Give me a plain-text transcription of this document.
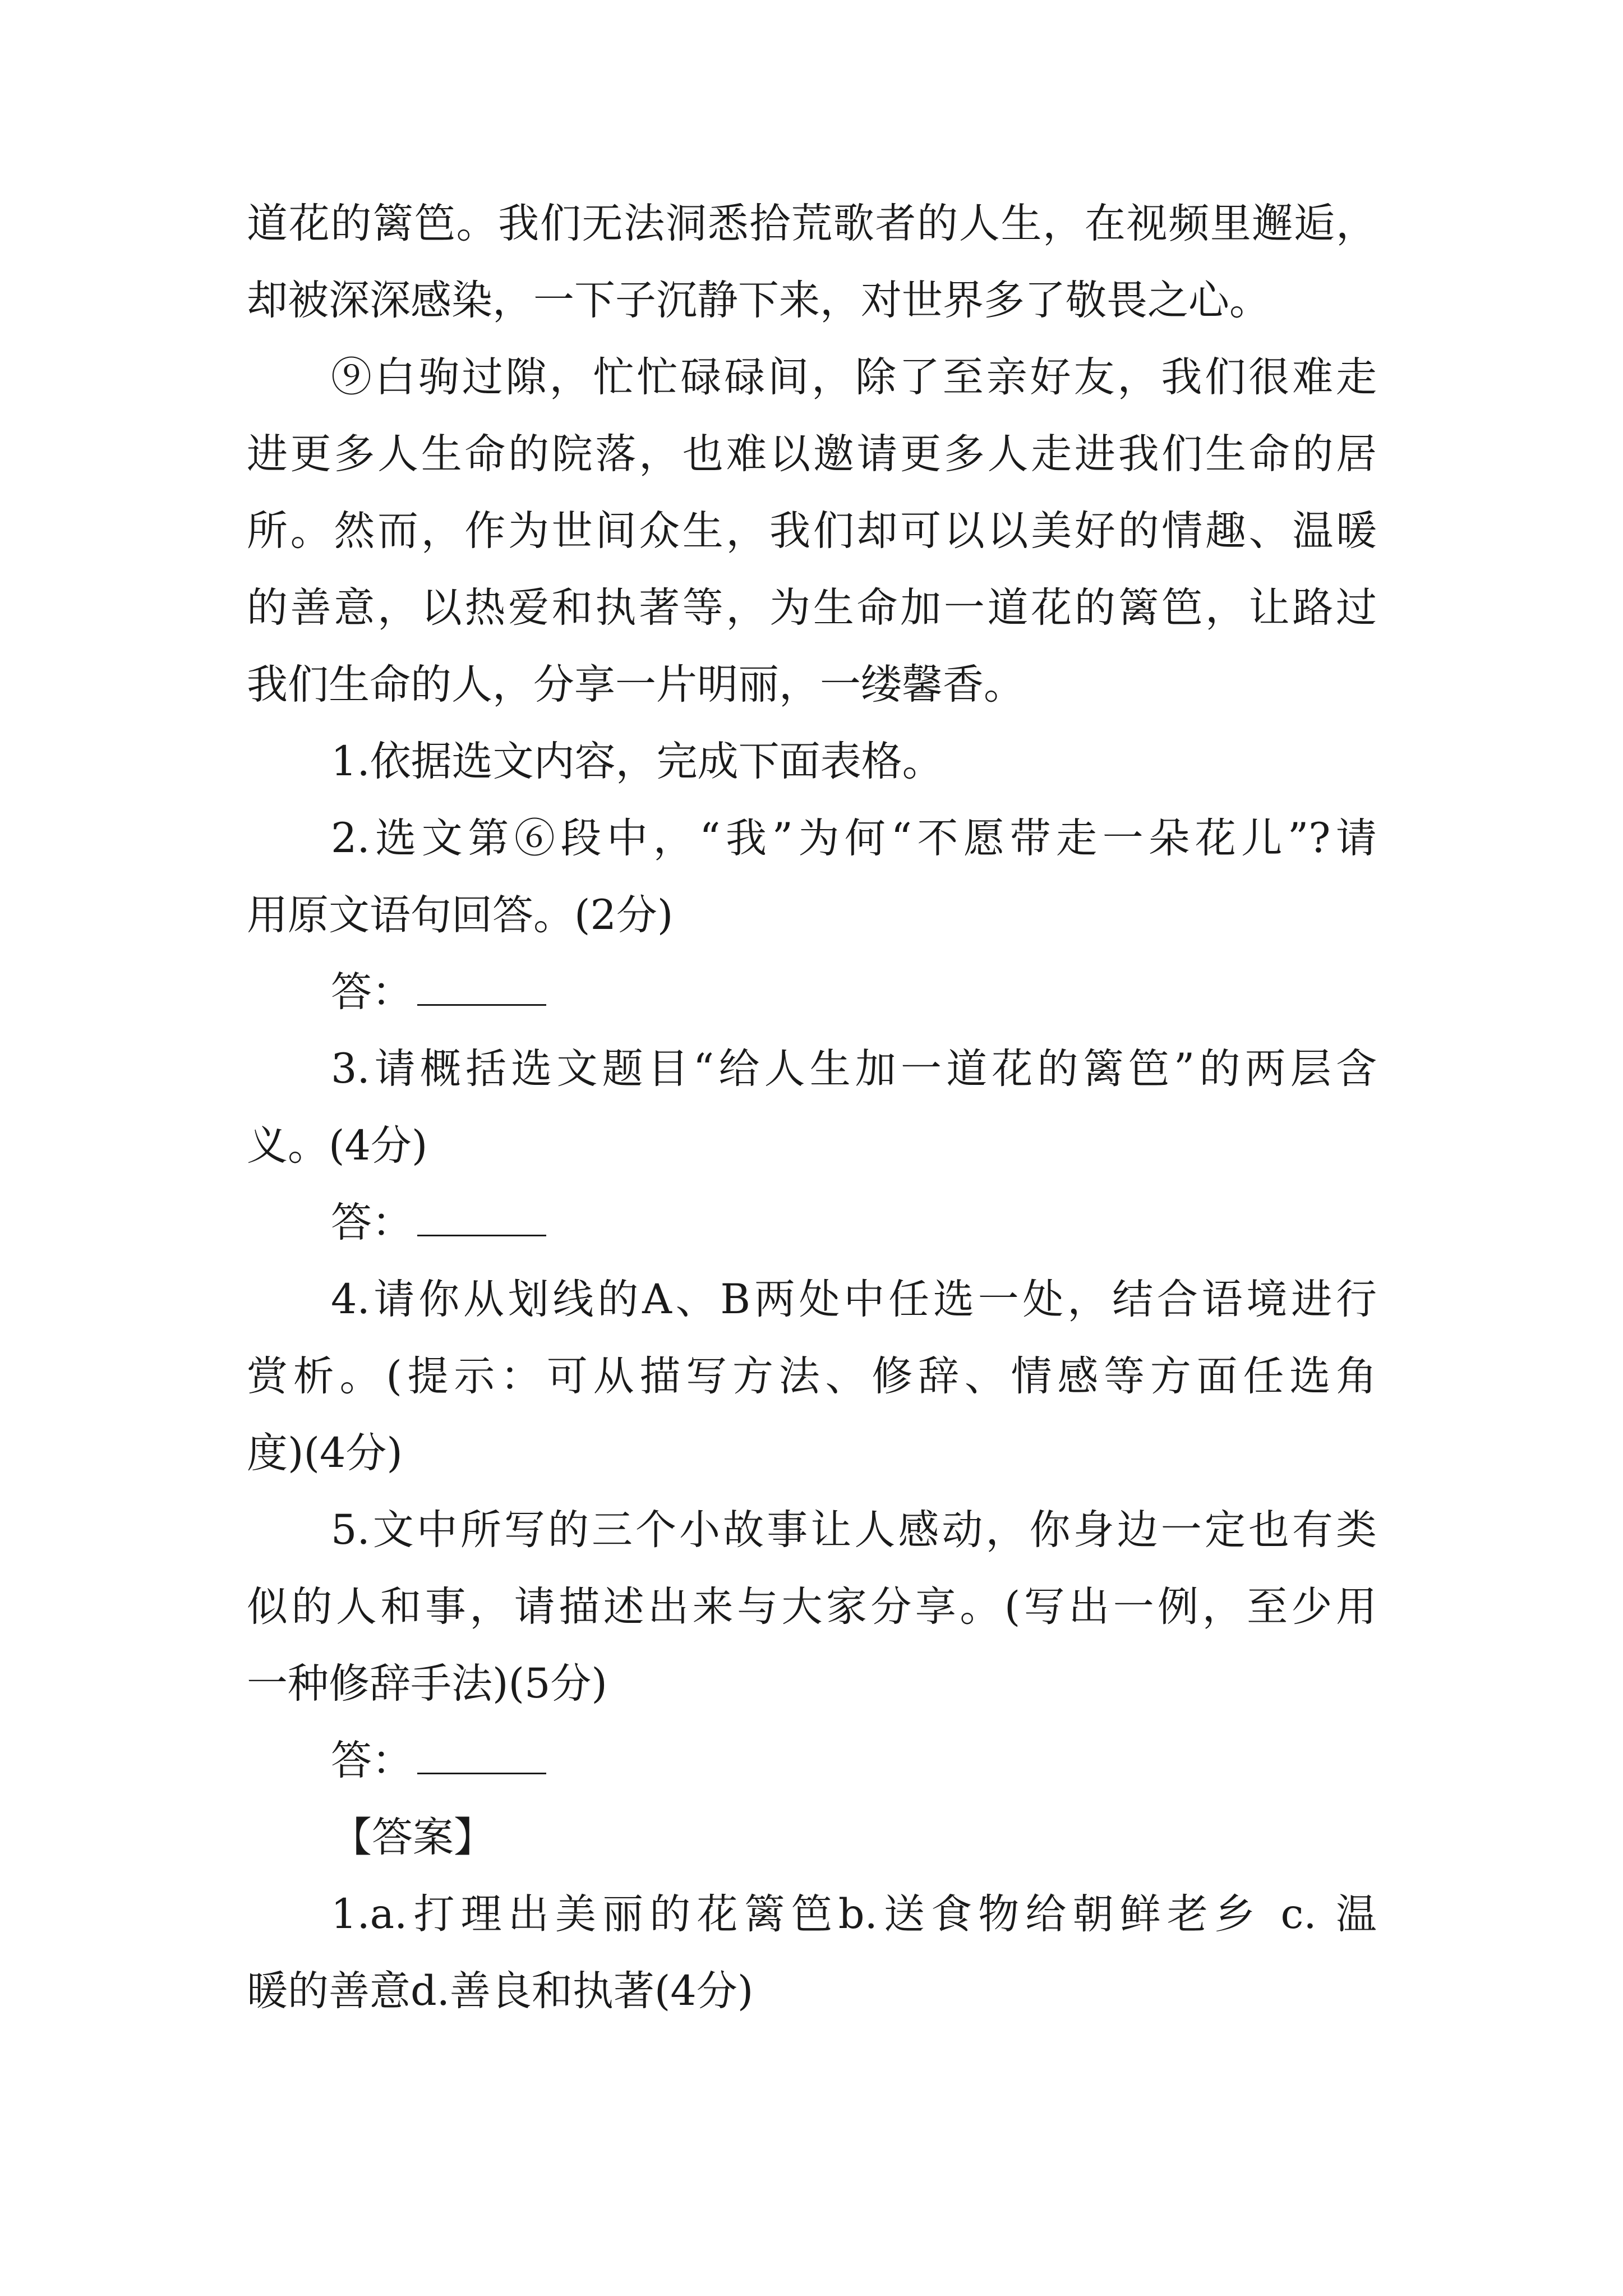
道花的篱笆。我们无法洞悉拾荒歌者的人生，在视频里邂逅，
却被深深感染，一下子沉静下来，对世界多了敬畏之心。
⑨白驹过隙，忙忙碌碌间，除了至亲好友，我们很难走
进更多人生命的院落，也难以邀请更多人走进我们生命的居
所。然而，作为世间众生，我们却可以以美好的情趣、温暖
的善意，以热爱和执著等，为生命加一道花的篱笆，让路过
我们生命的人，分享一片明丽，一缕馨香。
1.依据选文内容，完成下面表格。
2.选文第⑥段中，“我”为何“不愿带走一朵花儿”?请
用原文语句回答。(2分)
答：
3.请概括选文题目“给人生加一道花的篱笆”的两层含
义。(4分)
答：
4.请你从划线的A、B两处中任选一处，结合语境进行
赏析。(提示：可从描写方法、修辞、情感等方面任选角
度)(4分)
5.文中所写的三个小故事让人感动，你身边一定也有类
似的人和事，请描述出来与大家分享。(写出一例，至少用
一种修辞手法)(5分)
答：
【答案】
1.a.打理出美丽的花篱笆b.送食物给朝鲜老乡 c. 温
暖的善意d.善良和执著(4分)
